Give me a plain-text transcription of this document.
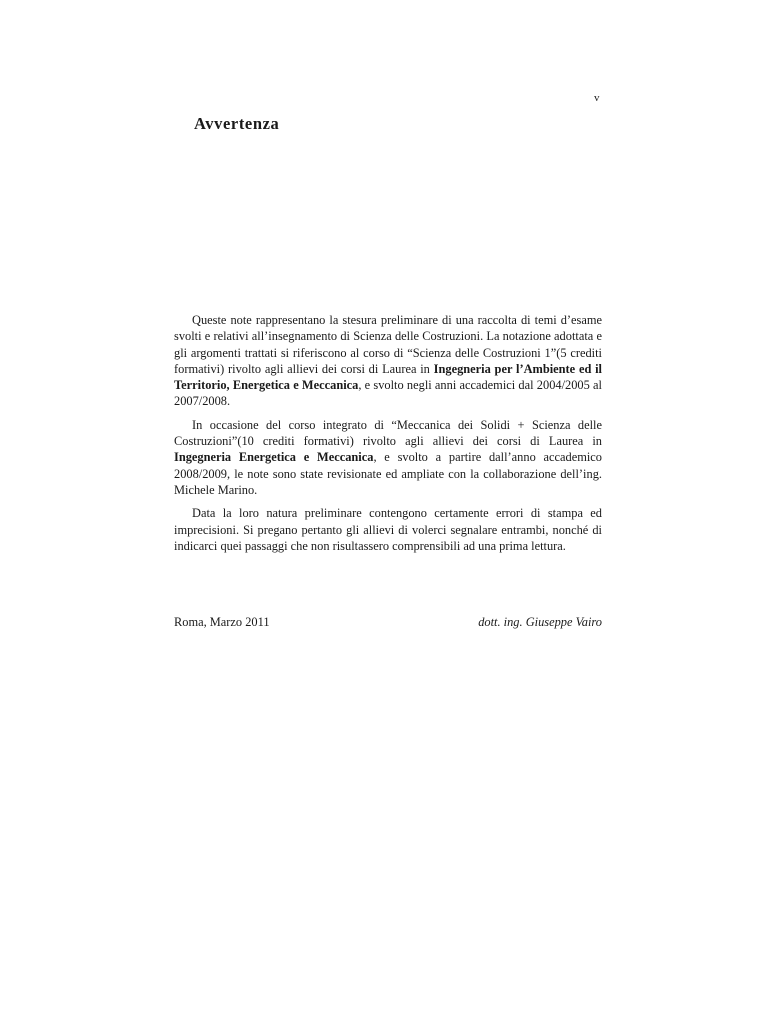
v
Avvertenza

Queste note rappresentano la stesura preliminare di una raccolta di temi d’esame svolti e relativi all’insegnamento di Scienza delle Costruzioni. La notazione adottata e gli argomenti trattati si riferiscono al corso di “Scienza delle Costruzioni 1”(5 crediti formativi) rivolto agli allievi dei corsi di Laurea in Ingegneria per l’Ambiente ed il Territorio, Energetica e Meccanica, e svolto negli anni accademici dal 2004/2005 al 2007/2008.

In occasione del corso integrato di “Meccanica dei Solidi + Scienza delle Costruzioni”(10 crediti formativi) rivolto agli allievi dei corsi di Laurea in Ingegneria Energetica e Meccanica, e svolto a partire dall’anno accademico 2008/2009, le note sono state revisionate ed ampliate con la collaborazione dell’ing. Michele Marino.

Data la loro natura preliminare contengono certamente errori di stampa ed imprecisioni. Si pregano pertanto gli allievi di volerci segnalare entrambi, nonché di indicarci quei passaggi che non risultassero comprensibili ad una prima lettura.

Roma, Marzo 2011	dott. ing. Giuseppe Vairo
